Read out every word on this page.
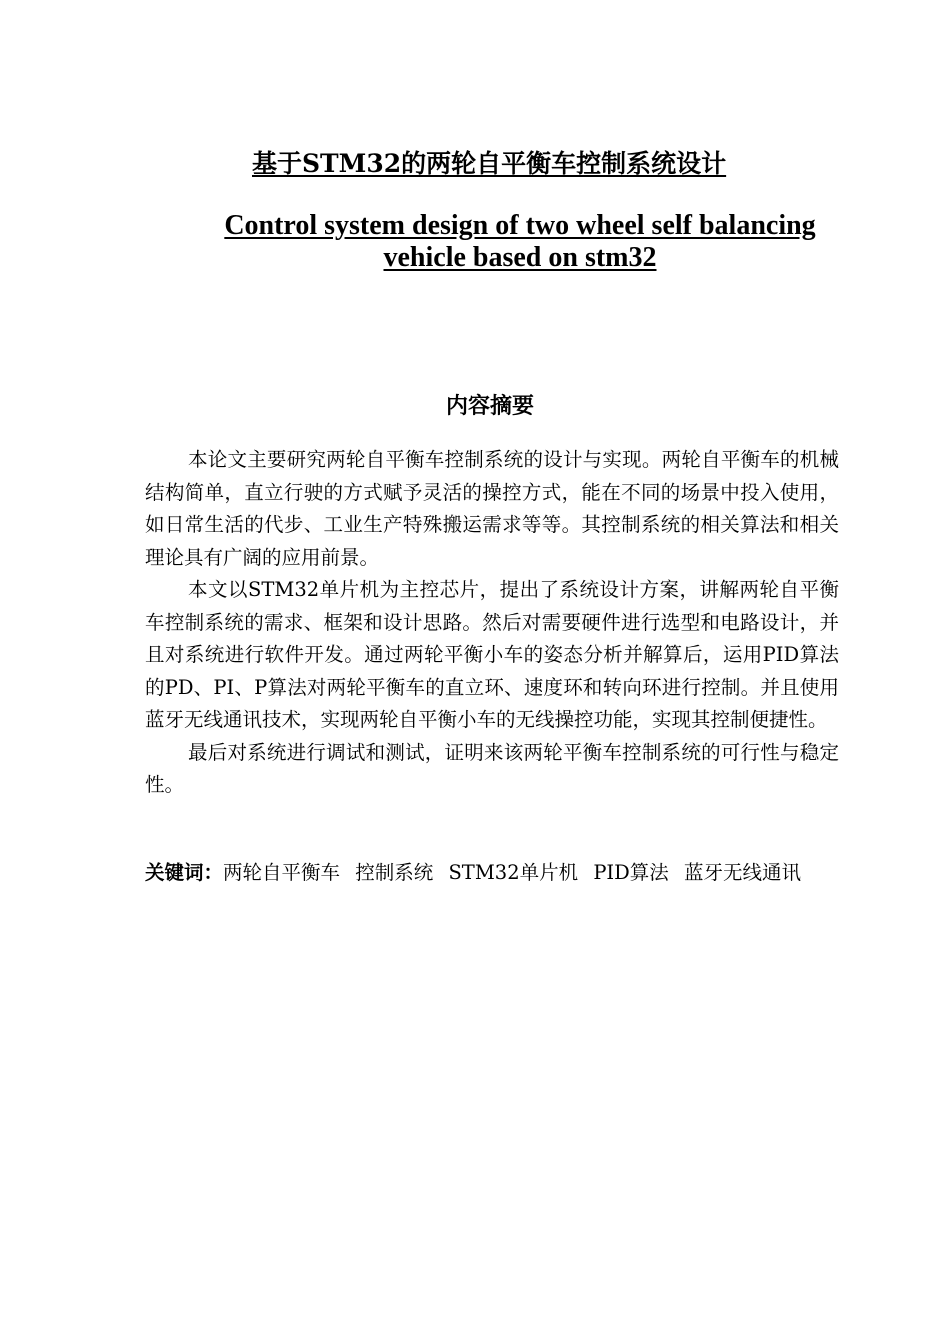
基于STM32的两轮自平衡车控制系统设计
Control system design of two wheel self balancing
vehicle based on stm32
内容摘要

本论文主要研究两轮自平衡车控制系统的设计与实现。两轮自平衡车的机械结构简单，直立行驶的方式赋予灵活的操控方式，能在不同的场景中投入使用，如日常生活的代步、工业生产特殊搬运需求等等。其控制系统的相关算法和相关理论具有广阔的应用前景。

本文以STM32单片机为主控芯片，提出了系统设计方案，讲解两轮自平衡车控制系统的需求、框架和设计思路。然后对需要硬件进行选型和电路设计，并且对系统进行软件开发。通过两轮平衡小车的姿态分析并解算后，运用PID算法的PD、PI、P算法对两轮平衡车的直立环、速度环和转向环进行控制。并且使用蓝牙无线通讯技术，实现两轮自平衡小车的无线操控功能，实现其控制便捷性。

最后对系统进行调试和测试，证明来该两轮平衡车控制系统的可行性与稳定性。

关键词：两轮自平衡车 控制系统 STM32单片机 PID算法 蓝牙无线通讯
